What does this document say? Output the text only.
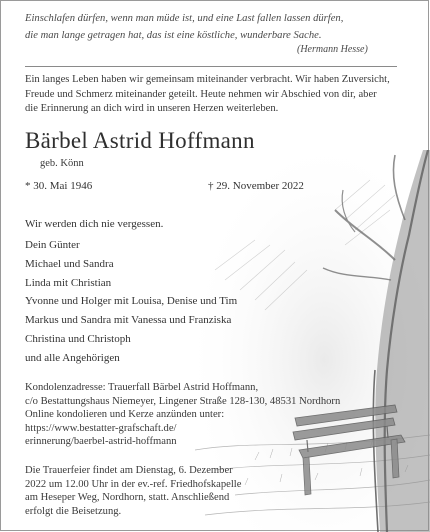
Einschlafen dürfen, wenn man müde ist, und eine Last fallen lassen dürfen,
die man lange getragen hat, das ist eine köstliche, wunderbare Sache.
(Hermann Hesse)
Ein langes Leben haben wir gemeinsam miteinander verbracht. Wir haben Zuversicht,
Freude und Schmerz miteinander geteilt. Heute nehmen wir Abschied von dir, aber
die Erinnerung an dich wird in unseren Herzen weiterleben.
Bärbel Astrid Hoffmann
geb. Könn
* 30. Mai 1946	† 29. November 2022
Wir werden dich nie vergessen.
Dein Günter
Michael und Sandra
Linda mit Christian
Yvonne und Holger mit Louisa, Denise und Tim
Markus und Sandra mit Vanessa und Franziska
Christina und Christoph
und alle Angehörigen
Kondolenzadresse: Trauerfall Bärbel Astrid Hoffmann,
c/o Bestattungshaus Niemeyer, Lingener Straße 128-130, 48531 Nordhorn
Online kondolieren und Kerze anzünden unter:
https://www.bestatter-grafschaft.de/
erinnerung/baerbel-astrid-hoffmann
Die Trauerfeier findet am Dienstag, 6. Dezember
2022 um 12.00 Uhr in der ev.-ref. Friedhofskapelle
am Heseper Weg, Nordhorn, statt. Anschließend
erfolgt die Beisetzung.
